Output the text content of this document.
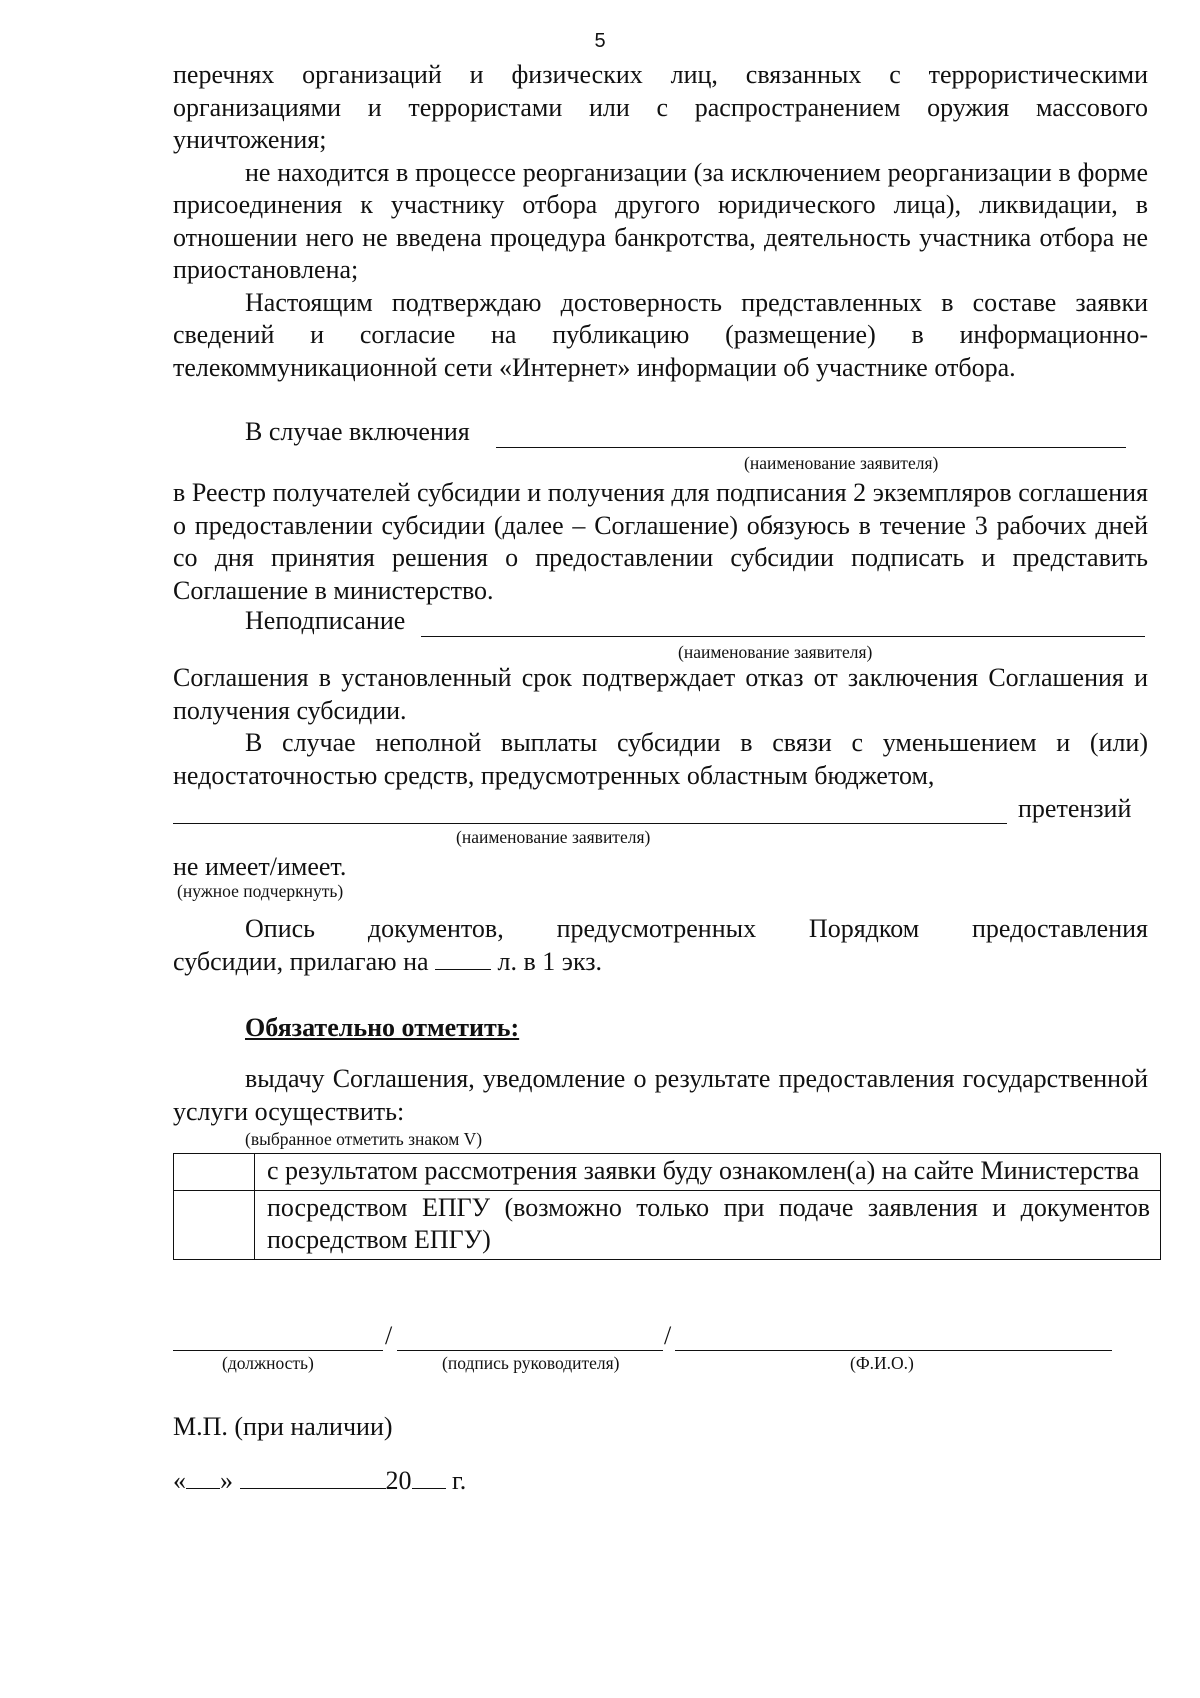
5

перечнях организаций и физических лиц, связанных с террористическими организациями и террористами или с распространением оружия массового уничтожения;

не находится в процессе реорганизации (за исключением реорганизации в форме присоединения к участнику отбора другого юридического лица), ликвидации, в отношении него не введена процедура банкротства, деятельность участника отбора не приостановлена;

Настоящим подтверждаю достоверность представленных в составе заявки сведений и согласие на публикацию (размещение) в информационно-телекоммуникационной сети «Интернет» информации об участнике отбора.

В случае включения
(наименование заявителя)

в Реестр получателей субсидии и получения для подписания 2 экземпляров соглашения о предоставлении субсидии (далее – Соглашение) обязуюсь в течение 3 рабочих дней со дня принятия решения о предоставлении субсидии подписать и представить Соглашение в министерство.

Неподписание
(наименование заявителя)

Соглашения в установленный срок подтверждает отказ от заключения Соглашения и получения субсидии.

В случае неполной выплаты субсидии в связи с уменьшением и (или) недостаточностью средств, предусмотренных областным бюджетом,

претензий
(наименование заявителя)
не имеет/имеет.
(нужное подчеркнуть)

Опись документов, предусмотренных Порядком предоставления

субсидии, прилагаю на	л. в 1 экз.
Обязательно отметить:

выдачу Соглашения, уведомление о результате предоставления государственной услуги осуществить:

(выбранное отметить знаком V)
	с результатом рассмотрения заявки буду ознакомлен(а) на сайте Министерства
	посредством ЕПГУ (возможно только при подаче заявления и документов посредством ЕПГУ)
/	/
(должность)	(подпись руководителя)	(Ф.И.О.)
М.П. (при наличии)
« »	20 г.
